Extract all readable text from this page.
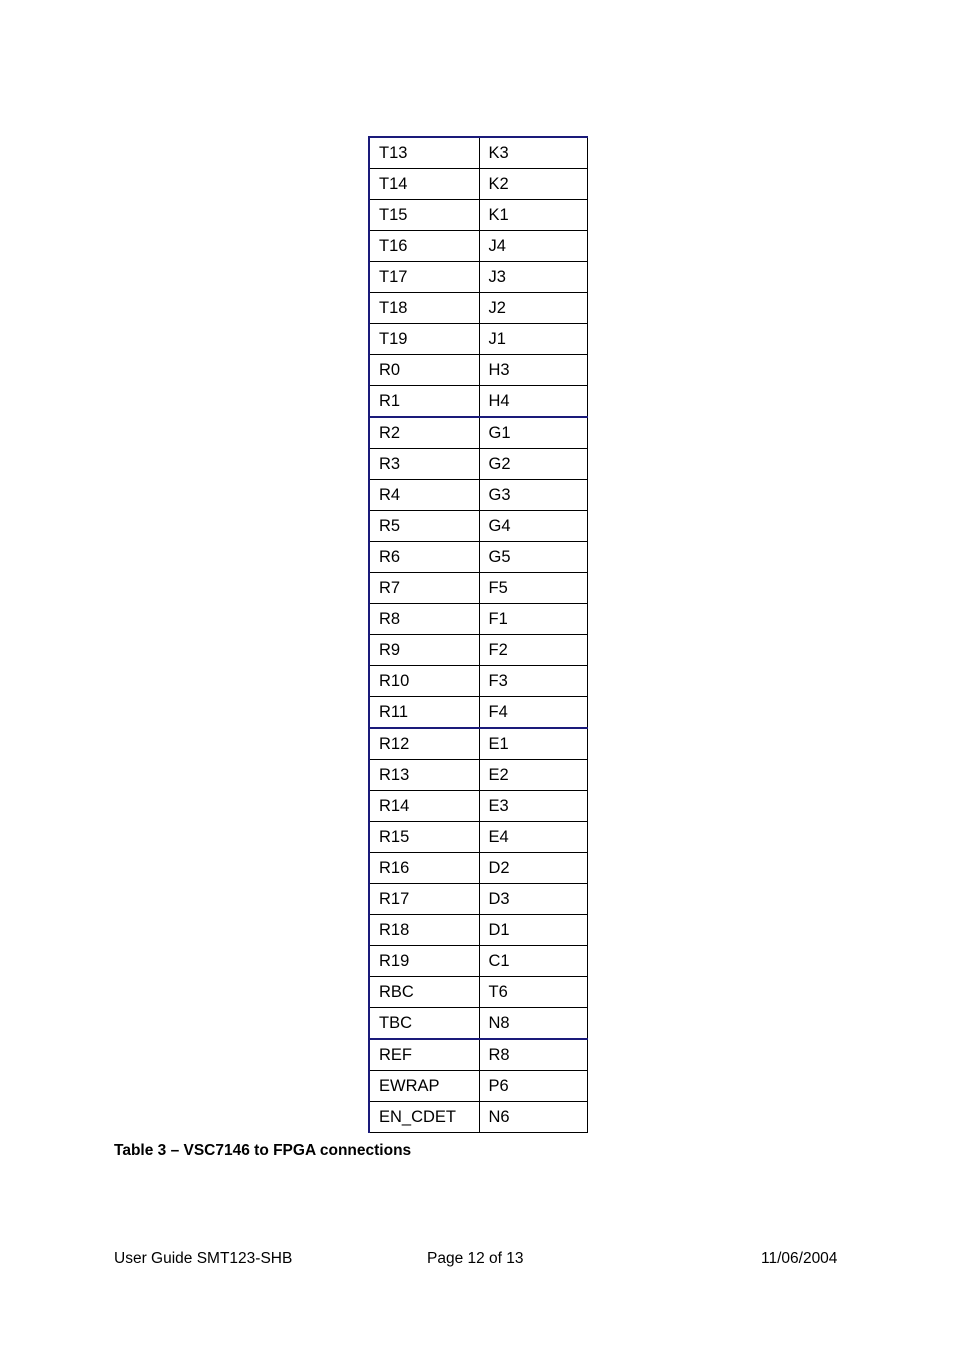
T13	K3
T14	K2
T15	K1
T16	J4
T17	J3
T18	J2
T19	J1
R0	H3
R1	H4
R2	G1
R3	G2
R4	G3
R5	G4
R6	G5
R7	F5
R8	F1
R9	F2
R10	F3
R11	F4
R12	E1
R13	E2
R14	E3
R15	E4
R16	D2
R17	D3
R18	D1
R19	C1
RBC	T6
TBC	N8
REF	R8
EWRAP	P6
EN_CDET	N6

Table 3 – VSC7146 to FPGA connections

User Guide SMT123-SHB	Page 12 of 13	11/06/2004
